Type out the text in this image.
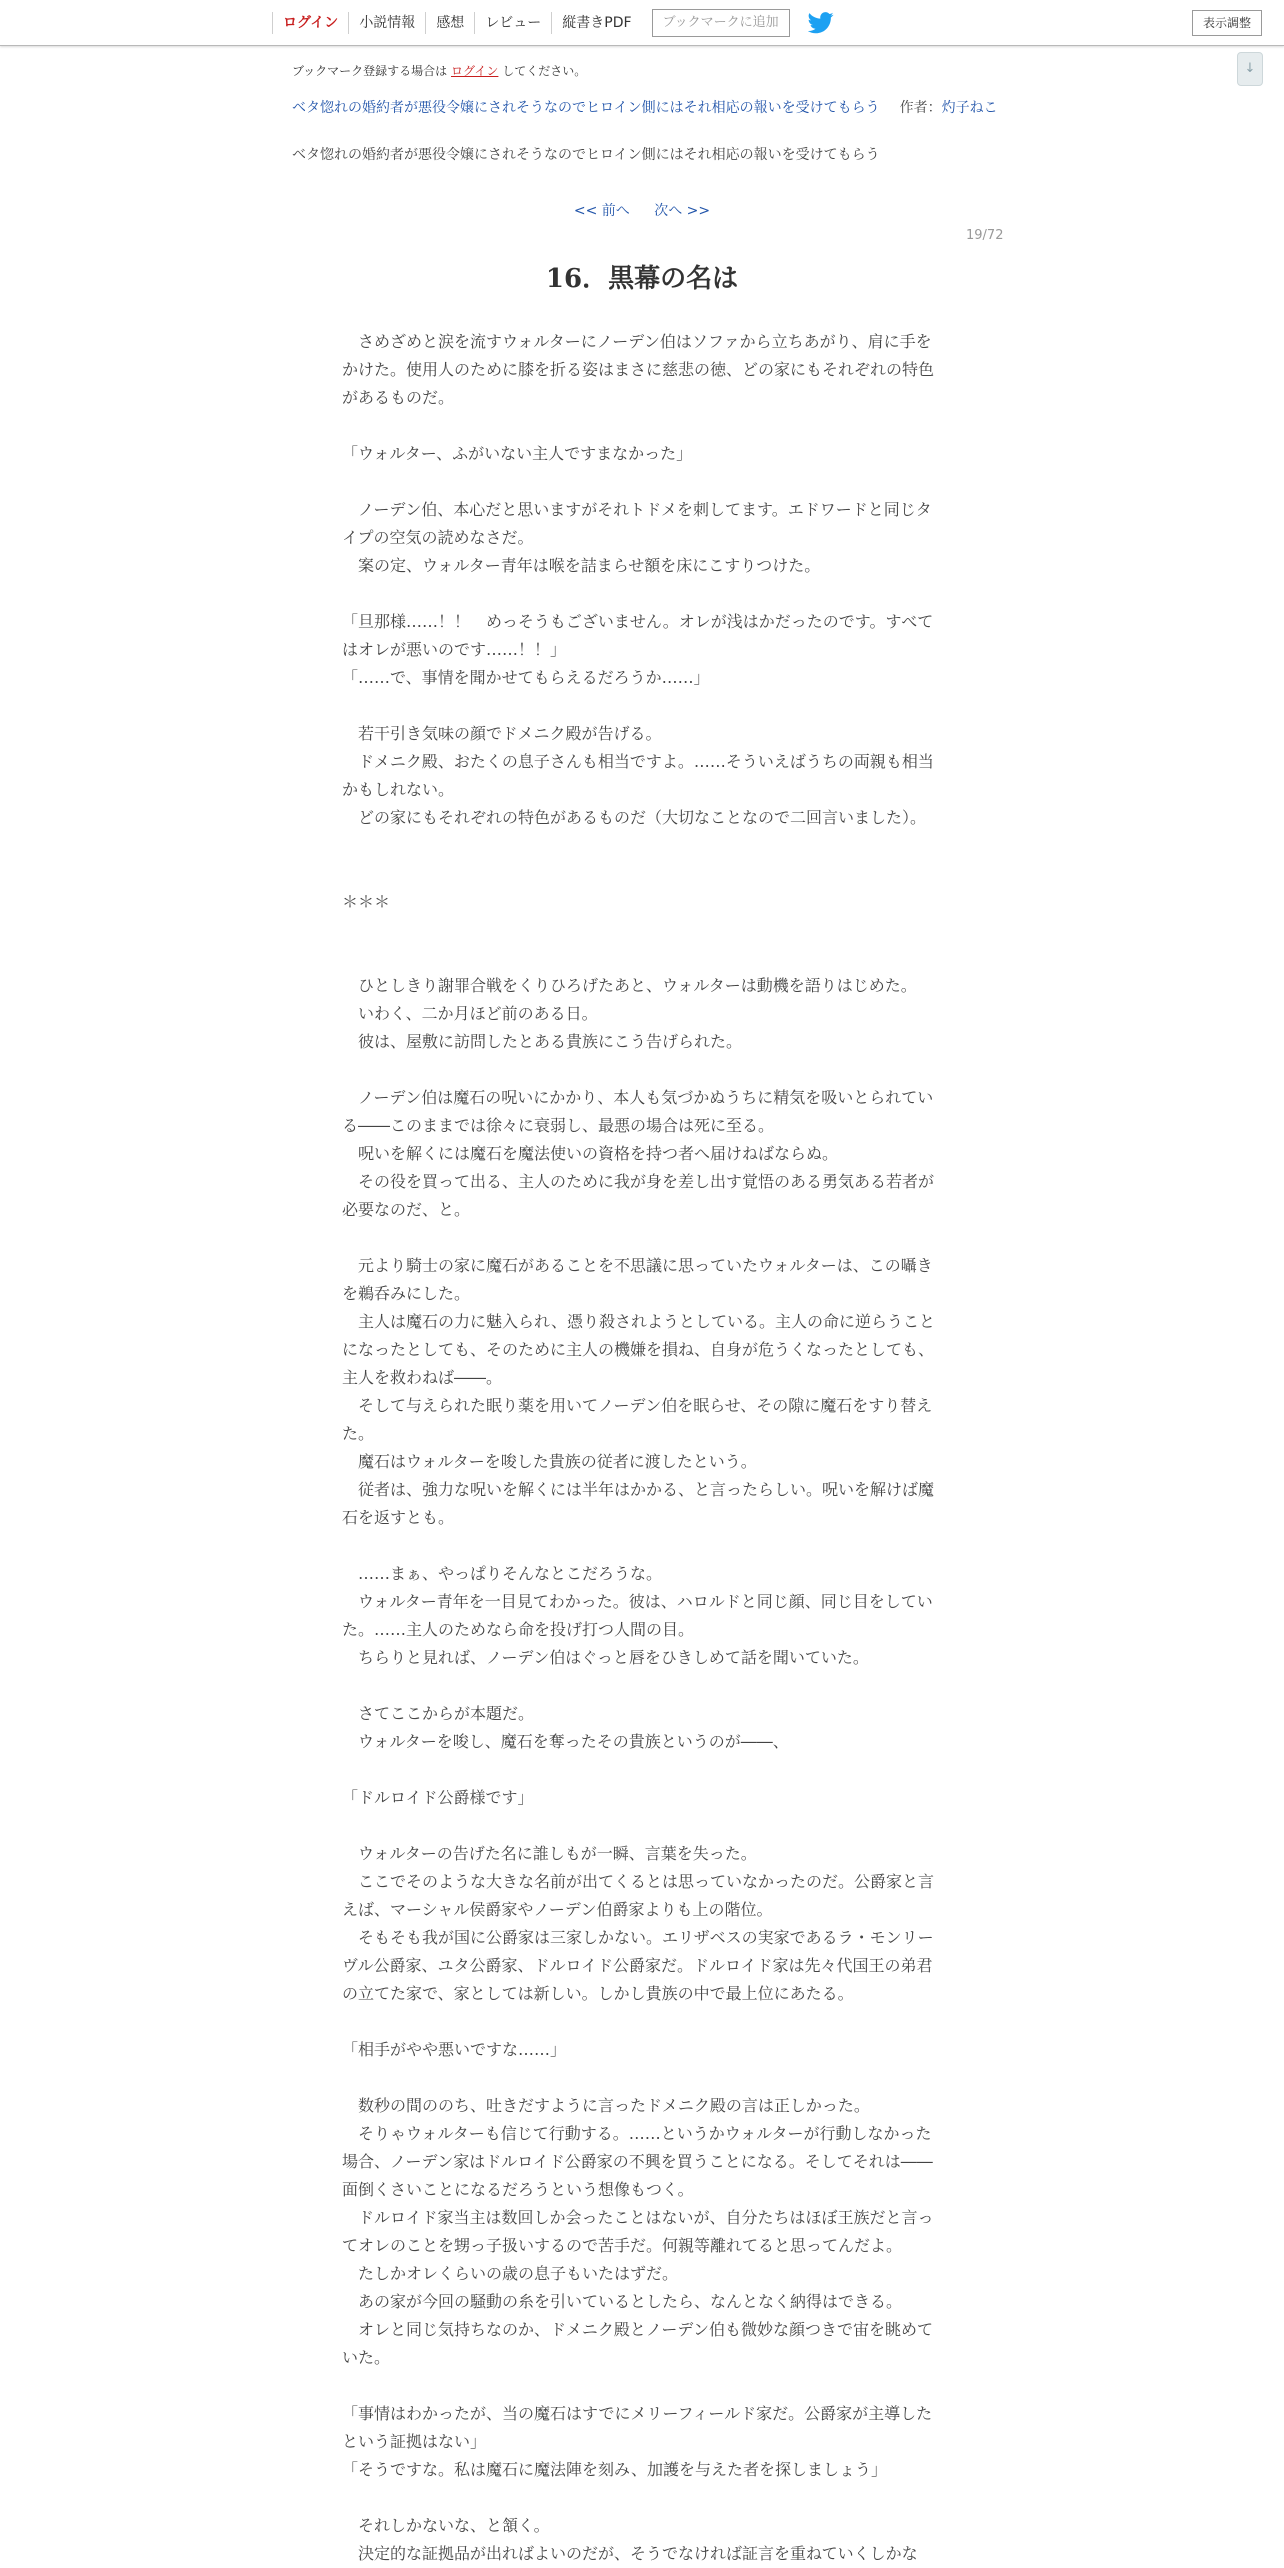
ログイン	小説情報	感想	レビュー	縦書きPDF	ブックマークに追加	表示調整
↓
ブックマーク登録する場合は ログイン してください。
ベタ惚れの婚約者が悪役令嬢にされそうなのでヒロイン側にはそれ相応の報いを受けてもらう 作者：灼子ねこ
ベタ惚れの婚約者が悪役令嬢にされそうなのでヒロイン側にはそれ相応の報いを受けてもらう
<< 前へ 次へ >>
19/72
16．黒幕の名は

　さめざめと涙を流すウォルターにノーデン伯はソファから立ちあがり、肩に手をかけた。使用人のために膝を折る姿はまさに慈悲の徳、どの家にもそれぞれの特色があるものだ。

「ウォルター、ふがいない主人ですまなかった」

　ノーデン伯、本心だと思いますがそれトドメを刺してます。エドワードと同じタイプの空気の読めなさだ。

　案の定、ウォルター青年は喉を詰まらせ額を床にこすりつけた。

「旦那様……！！　めっそうもございません。オレが浅はかだったのです。すべてはオレが悪いのです……！！」

「……で、事情を聞かせてもらえるだろうか……」

　若干引き気味の顔でドメニク殿が告げる。

　ドメニク殿、おたくの息子さんも相当ですよ。……そういえばうちの両親も相当かもしれない。

　どの家にもそれぞれの特色があるものだ（大切なことなので二回言いました）。

＊＊＊

　ひとしきり謝罪合戦をくりひろげたあと、ウォルターは動機を語りはじめた。

　いわく、二か月ほど前のある日。

　彼は、屋敷に訪問したとある貴族にこう告げられた。

　ノーデン伯は魔石の呪いにかかり、本人も気づかぬうちに精気を吸いとられている――このままでは徐々に衰弱し、最悪の場合は死に至る。

　呪いを解くには魔石を魔法使いの資格を持つ者へ届けねばならぬ。

　その役を買って出る、主人のために我が身を差し出す覚悟のある勇気ある若者が必要なのだ、と。

　元より騎士の家に魔石があることを不思議に思っていたウォルターは、この囁きを鵜呑みにした。

　主人は魔石の力に魅入られ、憑り殺されようとしている。主人の命に逆らうことになったとしても、そのために主人の機嫌を損ね、自身が危うくなったとしても、主人を救わねば――。

　そして与えられた眠り薬を用いてノーデン伯を眠らせ、その隙に魔石をすり替えた。

　魔石はウォルターを唆した貴族の従者に渡したという。

　従者は、強力な呪いを解くには半年はかかる、と言ったらしい。呪いを解けば魔石を返すとも。

　……まぁ、やっぱりそんなとこだろうな。

　ウォルター青年を一目見てわかった。彼は、ハロルドと同じ顔、同じ目をしていた。……主人のためなら命を投げ打つ人間の目。

　ちらりと見れば、ノーデン伯はぐっと唇をひきしめて話を聞いていた。

　さてここからが本題だ。

　ウォルターを唆し、魔石を奪ったその貴族というのが――、

「ドルロイド公爵様です」

　ウォルターの告げた名に誰しもが一瞬、言葉を失った。

　ここでそのような大きな名前が出てくるとは思っていなかったのだ。公爵家と言えば、マーシャル侯爵家やノーデン伯爵家よりも上の階位。

　そもそも我が国に公爵家は三家しかない。エリザベスの実家であるラ・モンリーヴル公爵家、ユタ公爵家、ドルロイド公爵家だ。ドルロイド家は先々代国王の弟君の立てた家で、家としては新しい。しかし貴族の中で最上位にあたる。

「相手がやや悪いですな……」

　数秒の間ののち、吐きだすように言ったドメニク殿の言は正しかった。

　そりゃウォルターも信じて行動する。……というかウォルターが行動しなかった場合、ノーデン家はドルロイド公爵家の不興を買うことになる。そしてそれは――面倒くさいことになるだろうという想像もつく。

　ドルロイド家当主は数回しか会ったことはないが、自分たちはほぼ王族だと言ってオレのことを甥っ子扱いするので苦手だ。何親等離れてると思ってんだよ。

　たしかオレくらいの歳の息子もいたはずだ。

　あの家が今回の騒動の糸を引いているとしたら、なんとなく納得はできる。

　オレと同じ気持ちなのか、ドメニク殿とノーデン伯も微妙な顔つきで宙を眺めていた。

「事情はわかったが、当の魔石はすでにメリーフィールド家だ。公爵家が主導したという証拠はない」

「そうですな。私は魔石に魔法陣を刻み、加護を与えた者を探しましょう」

　それしかないな、と頷く。

　決定的な証拠品が出ればよいのだが、そうでなければ証言を重ねていくしかな
